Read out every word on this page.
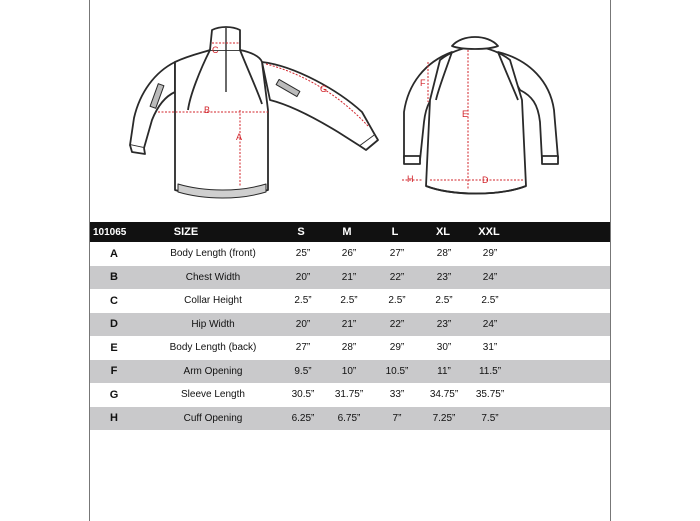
C
G
B
A
F
E
H	D
101065	SIZE	S	M	L	XL	XXL
A	Body Length (front)	25”	26”	27”	28”	29”
B	Chest Width	20”	21”	22”	23”	24”
C	Collar Height	2.5”	2.5”	2.5”	2.5”	2.5”
D	Hip Width	20”	21”	22”	23”	24”
E	Body Length (back)	27”	28”	29”	30”	31”
F	Arm Opening	9.5”	10”	10.5”	11”	11.5”
G	Sleeve Length	30.5”	31.75”	33”	34.75”	35.75”
H	Cuff Opening	6.25”	6.75”	7”	7.25”	7.5”
